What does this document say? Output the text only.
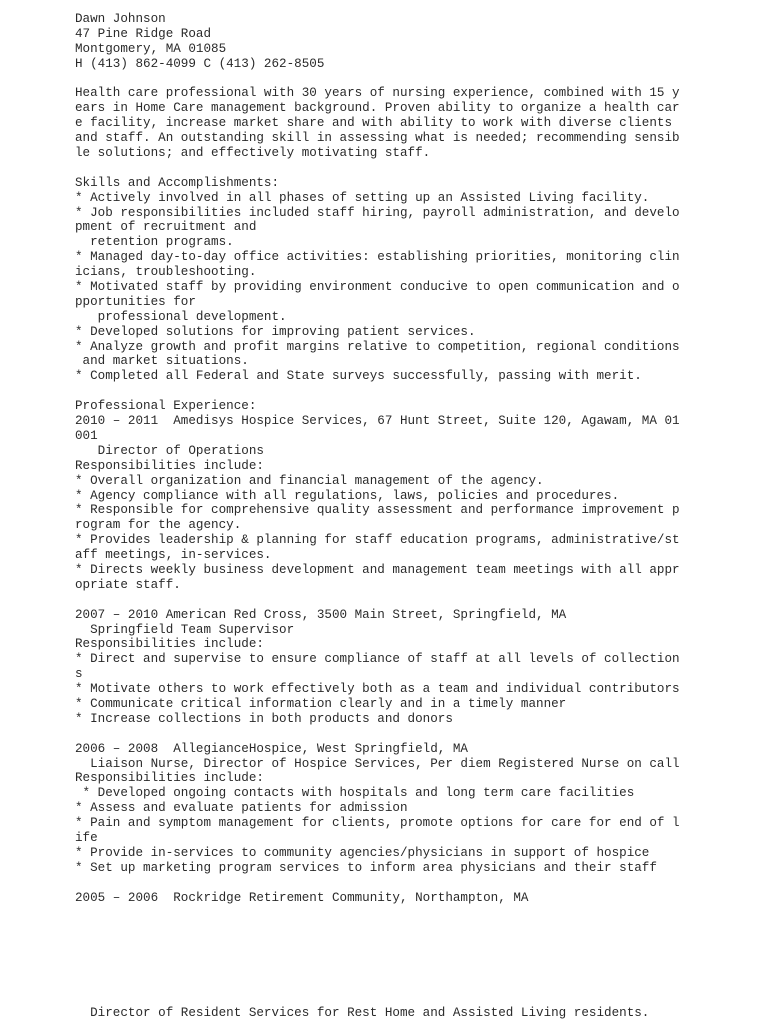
Dawn Johnson
47 Pine Ridge Road
Montgomery, MA 01085
H (413) 862-4099 C (413) 262-8505
Health care professional with 30 years of nursing experience, combined with 15 y
ears in Home Care management background. Proven ability to organize a health car
e facility, increase market share and with ability to work with diverse clients
and staff. An outstanding skill in assessing what is needed; recommending sensib
le solutions; and effectively motivating staff.
Skills and Accomplishments:
* Actively involved in all phases of setting up an Assisted Living facility.
* Job responsibilities included staff hiring, payroll administration, and develo
pment of recruitment and
retention programs.
* Managed day-to-day office activities: establishing priorities, monitoring clin
icians, troubleshooting.
* Motivated staff by providing environment conducive to open communication and o
pportunities for
professional development.
* Developed solutions for improving patient services.
* Analyze growth and profit margins relative to competition, regional conditions
and market situations.
* Completed all Federal and State surveys successfully, passing with merit.
Professional Experience:
2010 – 2011  Amedisys Hospice Services, 67 Hunt Street, Suite 120, Agawam, MA 01
001
Director of Operations
Responsibilities include:
* Overall organization and financial management of the agency.
* Agency compliance with all regulations, laws, policies and procedures.
* Responsible for comprehensive quality assessment and performance improvement p
rogram for the agency.
* Provides leadership & planning for staff education programs, administrative/st
aff meetings, in-services.
* Directs weekly business development and management team meetings with all appr
opriate staff.
2007 – 2010 American Red Cross, 3500 Main Street, Springfield, MA
Springfield Team Supervisor
Responsibilities include:
* Direct and supervise to ensure compliance of staff at all levels of collection
s
* Motivate others to work effectively both as a team and individual contributors
* Communicate critical information clearly and in a timely manner
* Increase collections in both products and donors
2006 – 2008  AllegianceHospice, West Springfield, MA
Liaison Nurse, Director of Hospice Services, Per diem Registered Nurse on call
Responsibilities include:
* Developed ongoing contacts with hospitals and long term care facilities
* Assess and evaluate patients for admission
* Pain and symptom management for clients, promote options for care for end of l
ife
* Provide in-services to community agencies/physicians in support of hospice
* Set up marketing program services to inform area physicians and their staff
2005 – 2006  Rockridge Retirement Community, Northampton, MA
Director of Resident Services for Rest Home and Assisted Living residents.
